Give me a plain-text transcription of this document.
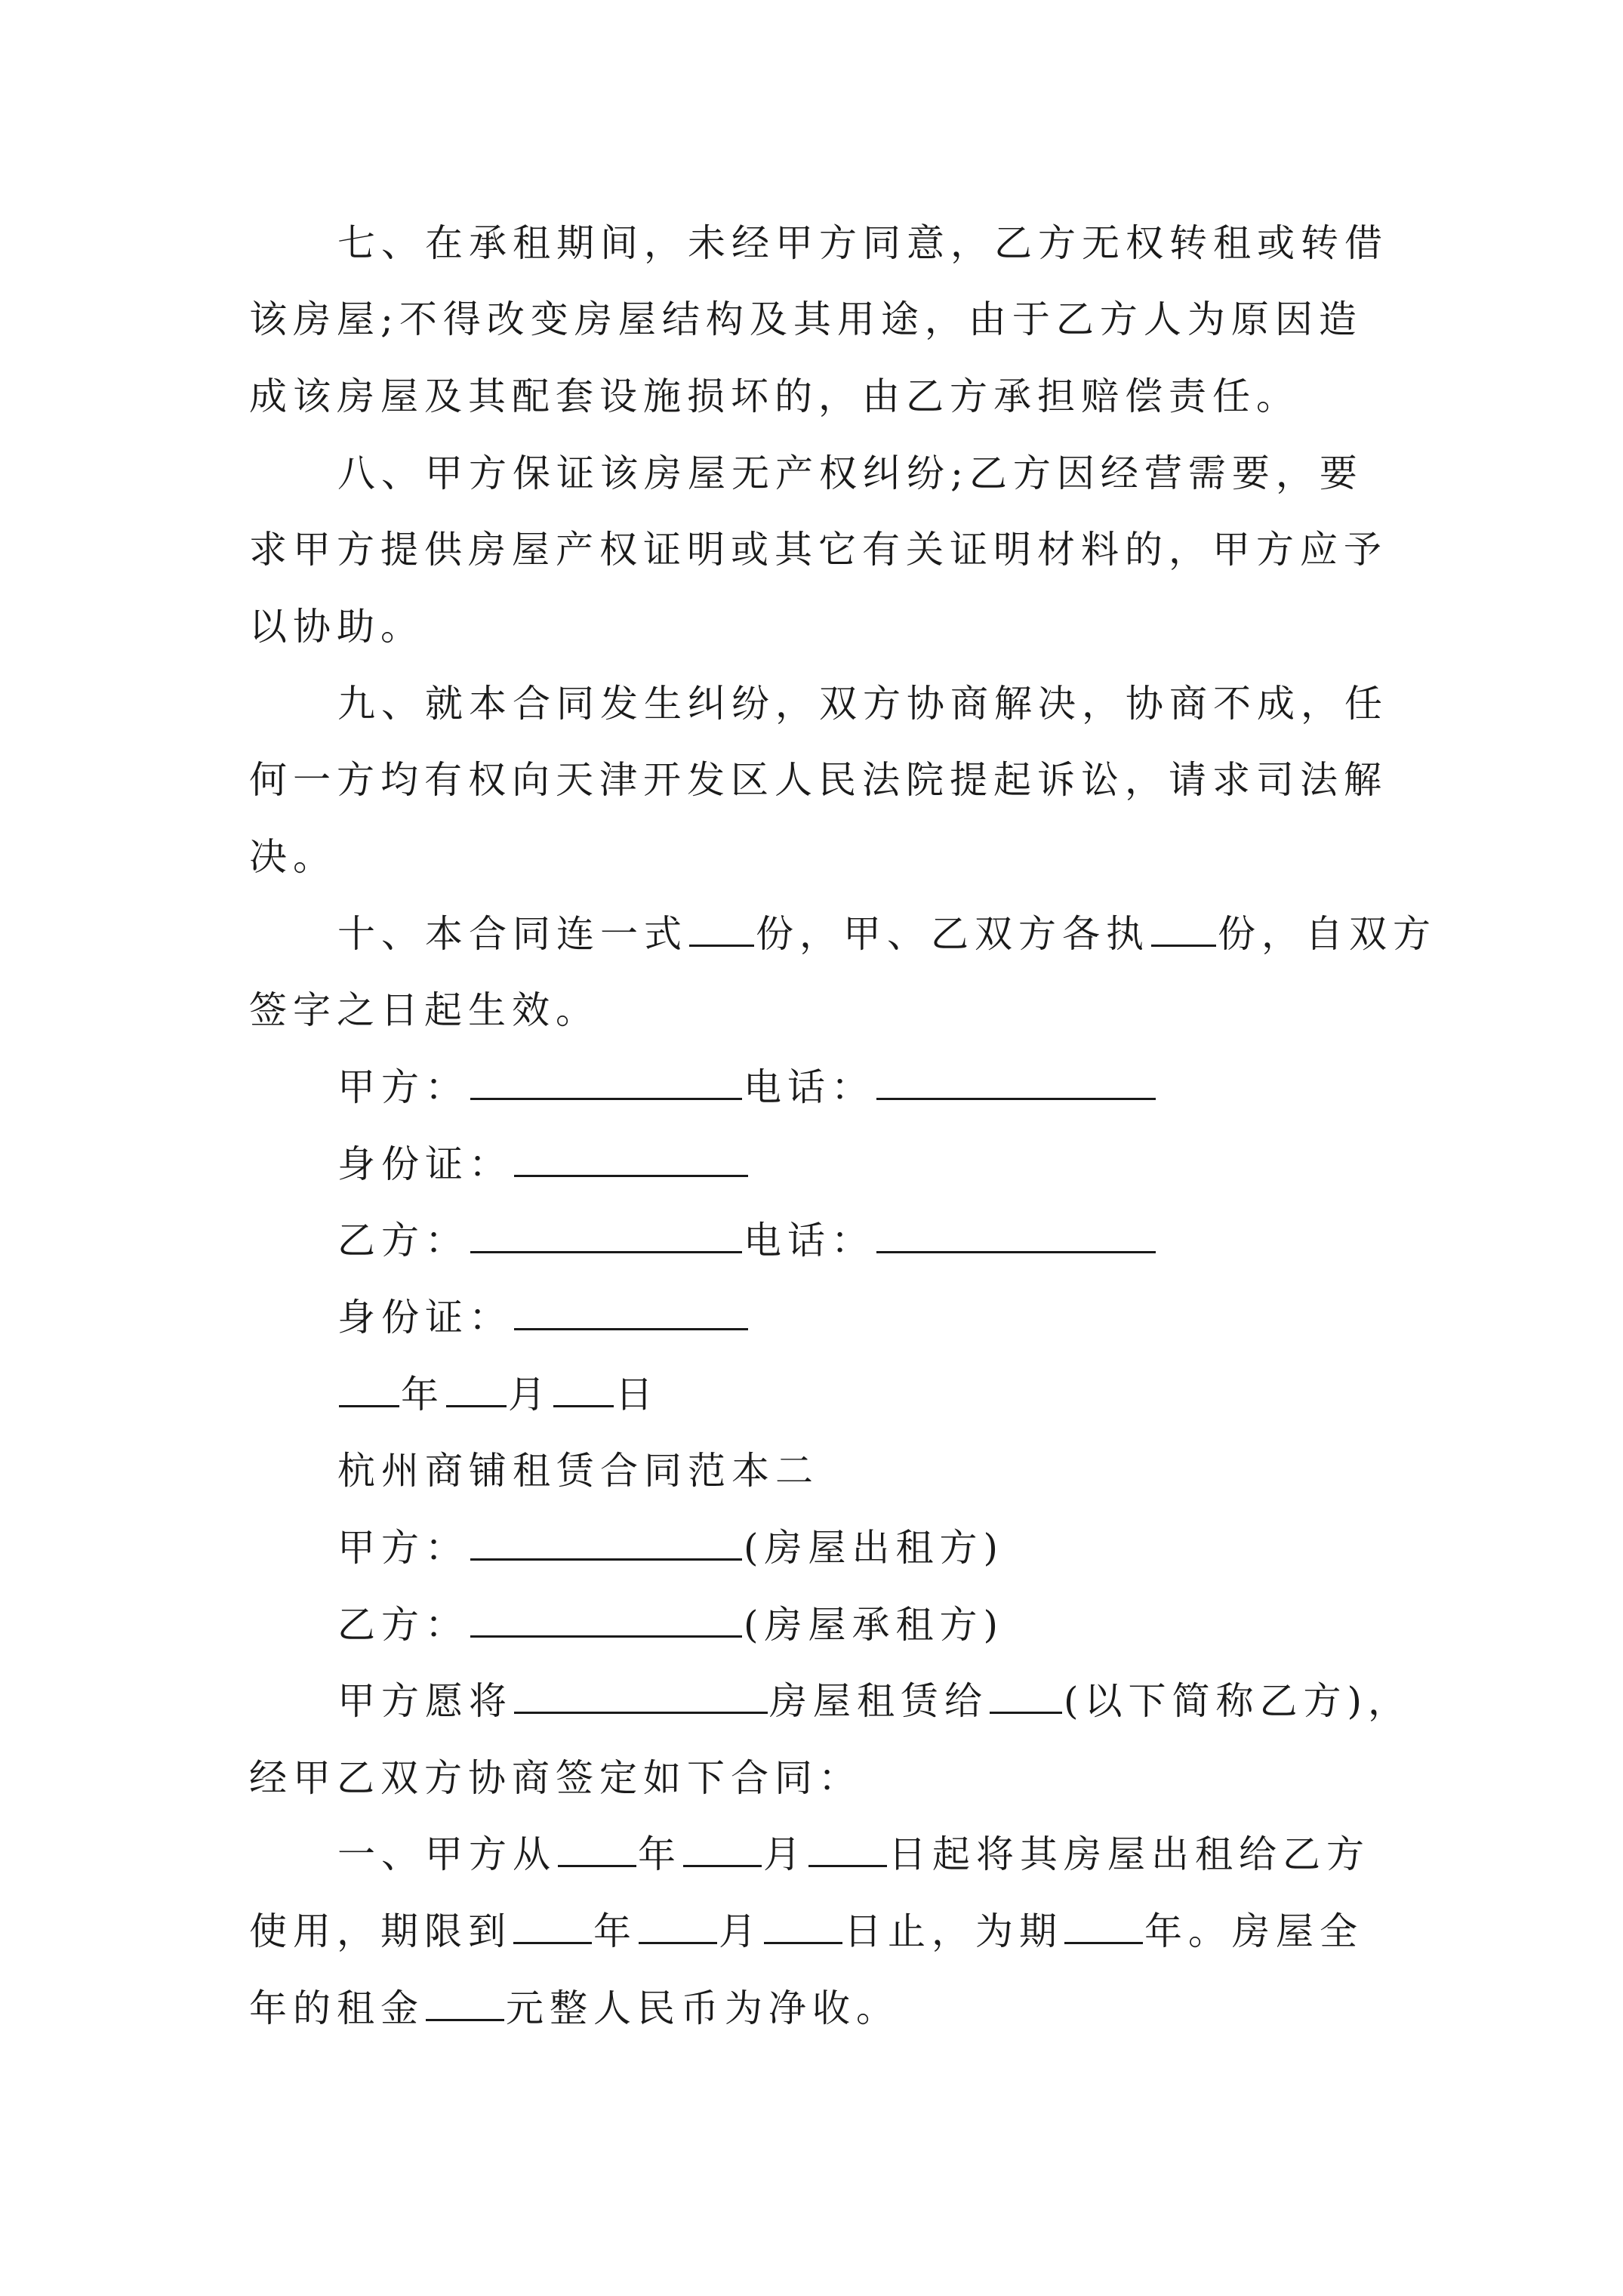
七、在承租期间，未经甲方同意，乙方无权转租或转借
该房屋;不得改变房屋结构及其用途，由于乙方人为原因造
成该房屋及其配套设施损坏的，由乙方承担赔偿责任。
八、甲方保证该房屋无产权纠纷;乙方因经营需要，要
求甲方提供房屋产权证明或其它有关证明材料的，甲方应予
以协助。
九、就本合同发生纠纷，双方协商解决，协商不成，任
何一方均有权向天津开发区人民法院提起诉讼，请求司法解
决。
十、本合同连一式 份，甲、乙双方各执 份，自双方
签字之日起生效。
甲方：	电话：
身份证：
乙方：	电话：
身份证：
年 月 日
杭州商铺租赁合同范本二
甲方：	(房屋出租方)
乙方：	(房屋承租方)
甲方愿将	房屋租赁给 (以下简称乙方)，
经甲乙双方协商签定如下合同：
一、甲方从 年 月 日起将其房屋出租给乙方
使用，期限到 年 月 日止，为期 年。房屋全
年的租金 元整人民币为净收。
